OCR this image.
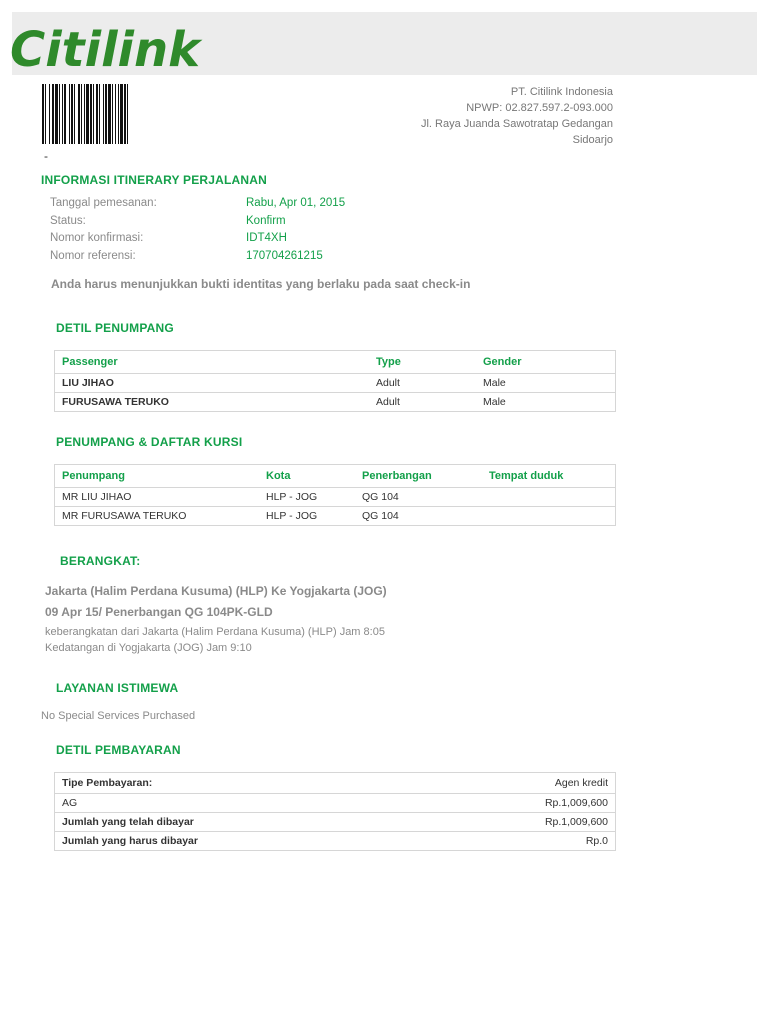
Citilink
-
PT. Citilink Indonesia
NPWP: 02.827.597.2-093.000
Jl. Raya Juanda Sawotratap Gedangan
Sidoarjo
INFORMASI ITINERARY PERJALANAN
Tanggal pemesanan:	Rabu, Apr 01, 2015
Status:	Konfirm
Nomor konfirmasi:	IDT4XH
Nomor referensi:	170704261215
Anda harus menunjukkan bukti identitas yang berlaku pada saat check-in
DETIL PENUMPANG
Passenger	Type	Gender
LIU JIHAO	Adult	Male
FURUSAWA TERUKO	Adult	Male
PENUMPANG & DAFTAR KURSI
Penumpang	Kota	Penerbangan	Tempat duduk
MR LIU JIHAO	HLP - JOG	QG 104	
MR FURUSAWA TERUKO	HLP - JOG	QG 104	
BERANGKAT:
Jakarta (Halim Perdana Kusuma) (HLP) Ke Yogjakarta (JOG)
09 Apr 15/ Penerbangan QG 104PK-GLD
keberangkatan dari Jakarta (Halim Perdana Kusuma) (HLP) Jam 8:05
Kedatangan di Yogjakarta (JOG) Jam 9:10
LAYANAN ISTIMEWA
No Special Services Purchased
DETIL PEMBAYARAN
Tipe Pembayaran:	Agen kredit
AG	Rp.1,009,600
Jumlah yang telah dibayar	Rp.1,009,600
Jumlah yang harus dibayar	Rp.0
